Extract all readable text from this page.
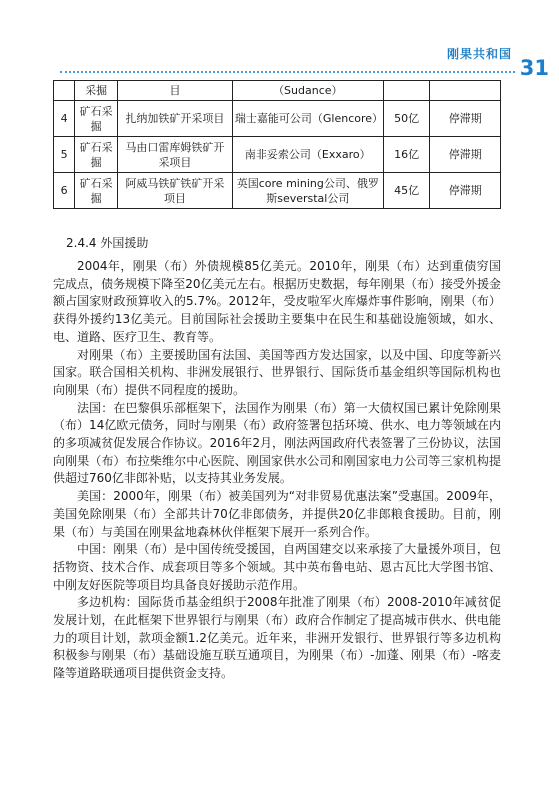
刚果共和国
31
	采掘	目	（Sudance）		
4	矿石采掘	扎纳加铁矿开采项目	瑞士嘉能可公司（Glencore）	50亿	停滞期
5	矿石采掘	马由口雷库姆铁矿开采项目	南非妥索公司（Exxaro）	16亿	停滞期
6	矿石采掘	阿威马铁矿铁矿开采项目	英国core mining公司、俄罗斯severstal公司	45亿	停滞期
2.4.4 外国援助

2004年，刚果（布）外债规模85亿美元。2010年，刚果（布）达到重债穷国完成点，债务规模下降至20亿美元左右。根据历史数据，每年刚果（布）接受外援金额占国家财政预算收入的5.7%。2012年，受皮啦军火库爆炸事件影响，刚果（布）获得外援约13亿美元。目前国际社会援助主要集中在民生和基础设施领域，如水、电、道路、医疗卫生、教育等。

对刚果（布）主要援助国有法国、美国等西方发达国家，以及中国、印度等新兴国家。联合国相关机构、非洲发展银行、世界银行、国际货币基金组织等国际机构也向刚果（布）提供不同程度的援助。

法国：在巴黎俱乐部框架下，法国作为刚果（布）第一大债权国已累计免除刚果（布）14亿欧元债务，同时与刚果（布）政府签署包括环境、供水、电力等领域在内的多项减贫促发展合作协议。2016年2月，刚法两国政府代表签署了三份协议，法国向刚果（布）布拉柴维尔中心医院、刚国家供水公司和刚国家电力公司等三家机构提供超过760亿非郎补贴，以支持其业务发展。

美国：2000年，刚果（布）被美国列为“对非贸易优惠法案”受惠国。2009年，美国免除刚果（布）全部共计70亿非郎债务，并提供20亿非郎粮食援助。目前，刚果（布）与美国在刚果盆地森林伙伴框架下展开一系列合作。

中国：刚果（布）是中国传统受援国，自两国建交以来承接了大量援外项目，包括物资、技术合作、成套项目等多个领域。其中英布鲁电站、恩古瓦比大学图书馆、中刚友好医院等项目均具备良好援助示范作用。

多边机构：国际货币基金组织于2008年批准了刚果（布）2008-2010年减贫促发展计划，在此框架下世界银行与刚果（布）政府合作制定了提高城市供水、供电能力的项目计划，款项金额1.2亿美元。近年来，非洲开发银行、世界银行等多边机构积极参与刚果（布）基础设施互联互通项目，为刚果（布）-加蓬、刚果（布）-喀麦隆等道路联通项目提供资金支持。
